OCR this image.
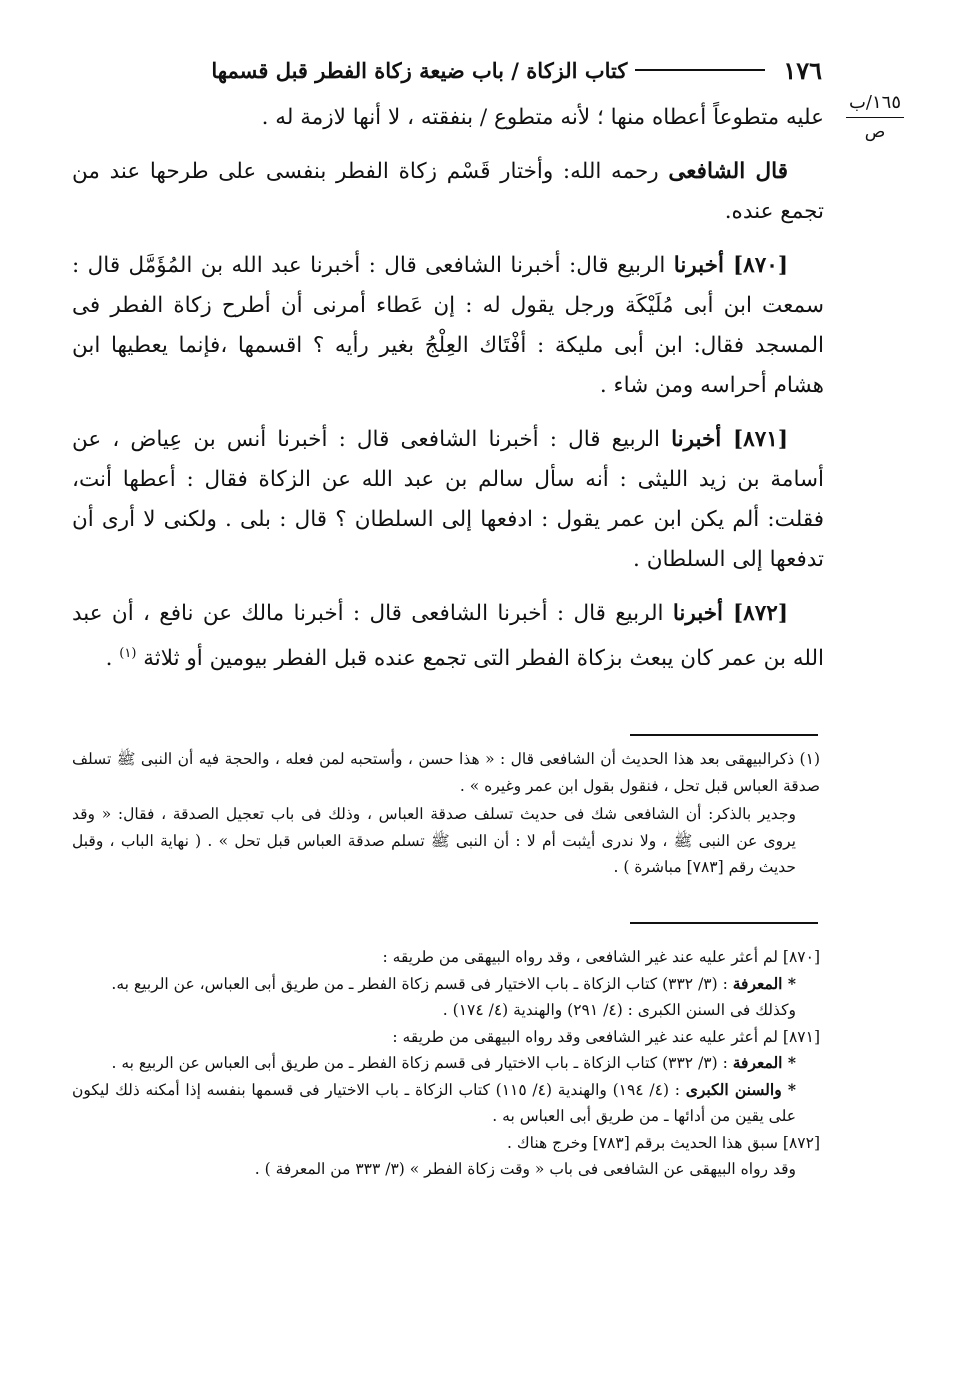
١٧٦
كتاب الزكاة / باب ضيعة زكاة الفطر قبل قسمها
١٦٥/ب
ص

عليه متطوعاً أعطاه منها ؛ لأنه متطوع / بنفقته ، لا أنها لازمة له .

قال الشافعى رحمه الله: وأختار قَسْم زكاة الفطر بنفسى على طرحها عند من تجمع عنده.

[٨٧٠] أخبرنا الربيع قال: أخبرنا الشافعى قال : أخبرنا عبد الله بن المُؤَمَّل قال : سمعت ابن أبى مُلَيْكَة ورجل يقول له : إن عَطاء أمرنى أن أطرح زكاة الفطر فى المسجد فقال: ابن أبى مليكة : أفْتَاك العِلْجُ بغير رأيه ؟ اقسمها ،فإنما يعطيها ابن هشام أحراسه ومن شاء .

[٨٧١] أخبرنا الربيع قال : أخبرنا الشافعى قال : أخبرنا أنس بن عِياض ، عن أسامة بن زيد الليثى : أنه سأل سالم بن عبد الله عن الزكاة فقال : أعطها أنت، فقلت: ألم يكن ابن عمر يقول : ادفعها إلى السلطان ؟ قال : بلى . ولكنى لا أرى أن تدفعها إلى السلطان .

[٨٧٢] أخبرنا الربيع قال : أخبرنا الشافعى قال : أخبرنا مالك عن نافع ، أن عبد الله بن عمر كان يبعث بزكاة الفطر التى تجمع عنده قبل الفطر بيومين أو ثلاثة $^{(١)}$ .

(١) ذكرالبيهقى بعد هذا الحديث أن الشافعى قال : « هذا حسن ، وأستحبه لمن فعله ، والحجة فيه أن النبى ﷺ تسلف صدقة العباس قبل تحل ، فنقول بقول ابن عمر وغيره » .

وجدير بالذكر: أن الشافعى شك فى حديث تسلف صدقة العباس ، وذلك فى باب تعجيل الصدقة ، فقال: « وقد يروى عن النبى ﷺ ، ولا ندرى أيثبت أم لا : أن النبى ﷺ تسلم صدقة العباس قبل تحل » . ( نهاية الباب ، وقبل حديث رقم [٧٨٣] مباشرة ) .

[٨٧٠] لم أعثر عليه عند غير الشافعى ، وقد رواه البيهقى من طريقه :

* المعرفة : (٣/ ٣٣٢) كتاب الزكاة ـ باب الاختيار فى قسم زكاة الفطر ـ من طريق أبى العباس، عن الربيع به.

وكذلك فى السنن الكبرى : (٤/ ٢٩١) والهندية (٤/ ١٧٤) .

[٨٧١] لم أعثر عليه عند غير الشافعى وقد رواه البيهقى من طريقه :

* المعرفة : (٣/ ٣٣٢) كتاب الزكاة ـ باب الاختيار فى قسم زكاة الفطر ـ من طريق أبى العباس عن الربيع به .

* والسنن الكبرى : (٤/ ١٩٤) والهندية (٤/ ١١٥) كتاب الزكاة ـ باب الاختيار فى قسمها بنفسه إذا أمكنه ذلك ليكون على يقين من أدائها ـ من طريق أبى العباس به .

[٨٧٢] سبق هذا الحديث برقم [٧٨٣] وخرج هناك .

وقد رواه البيهقى عن الشافعى فى باب « وقت زكاة الفطر » (٣/ ٣٣٣ من المعرفة ) .
